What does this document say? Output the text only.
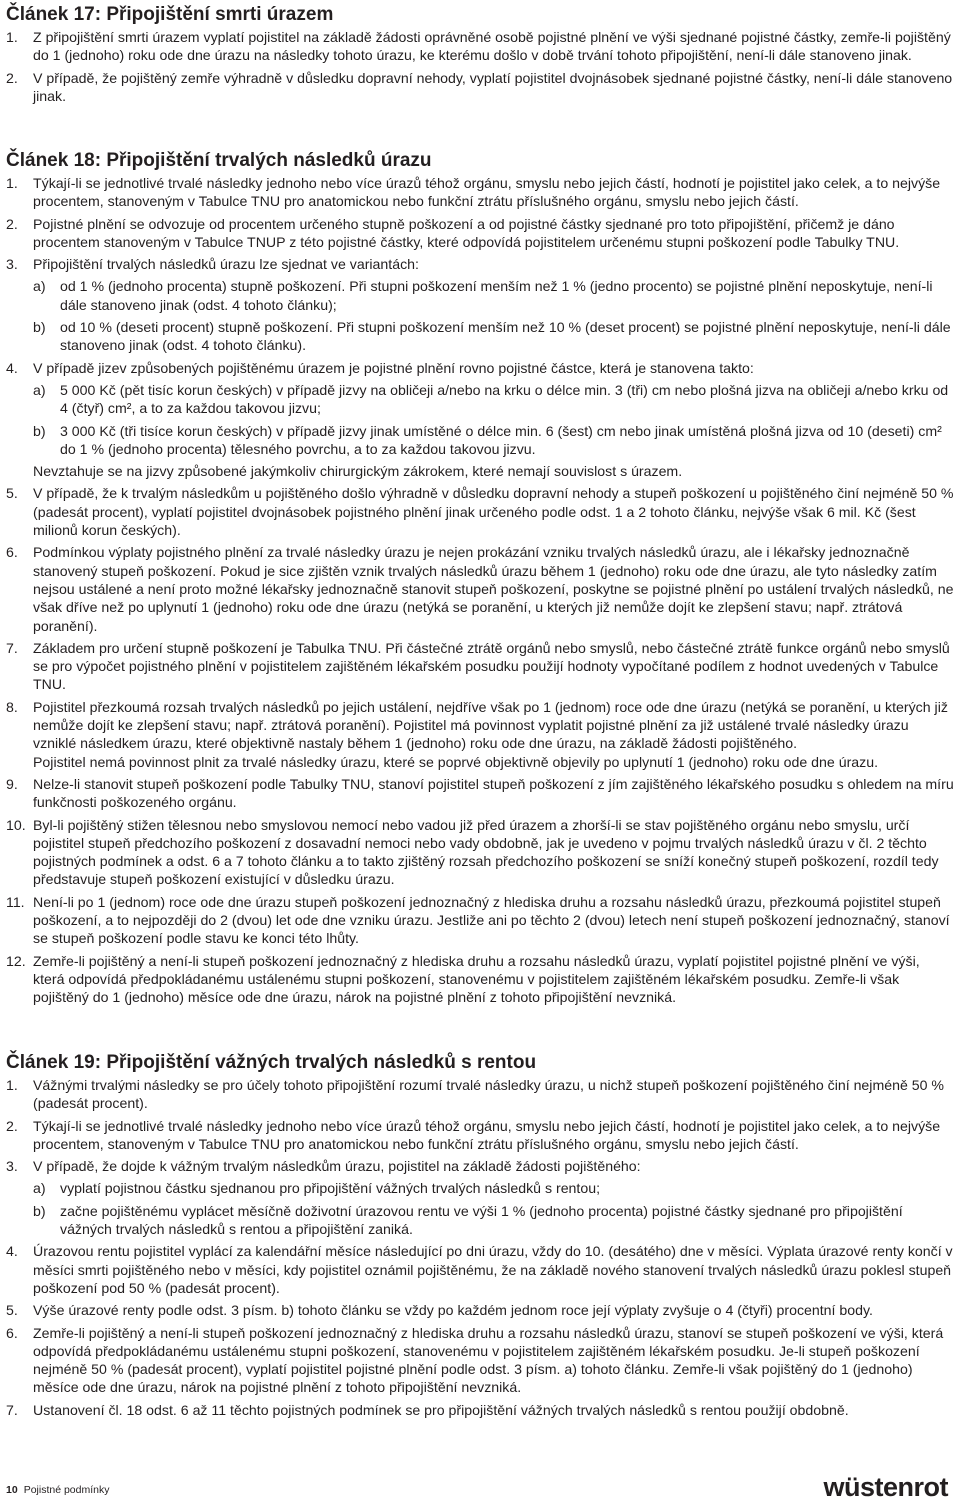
Článek 17: Připojištění smrti úrazem
1. Z připojištění smrti úrazem vyplatí pojistitel na základě žádosti oprávněné osobě pojistné plnění ve výši sjednané pojistné částky, zemře-li pojištěný do 1 (jednoho) roku ode dne úrazu na následky tohoto úrazu, ke kterému došlo v době trvání tohoto připojištění, není-li dále stanoveno jinak.
2. V případě, že pojištěný zemře výhradně v důsledku dopravní nehody, vyplatí pojistitel dvojnásobek sjednané pojistné částky, není-li dále stanoveno jinak.
Článek 18: Připojištění trvalých následků úrazu
1. Týkají-li se jednotlivé trvalé následky jednoho nebo více úrazů téhož orgánu, smyslu nebo jejich částí, hodnotí je pojistitel jako celek, a to nejvýše procentem, stanoveným v Tabulce TNU pro anatomickou nebo funkční ztrátu příslušného orgánu, smyslu nebo jejich částí.
2. Pojistné plnění se odvozuje od procentem určeného stupně poškození a od pojistné částky sjednané pro toto připojištění, přičemž je dáno procentem stanoveným v Tabulce TNUP z této pojistné částky, které odpovídá pojistitelem určenému stupni poškození podle Tabulky TNU.
3. Připojištění trvalých následků úrazu lze sjednat ve variantách:
a) od 1 % (jednoho procenta) stupně poškození. Při stupni poškození menším než 1 % (jedno procento) se pojistné plnění neposkytuje, není-li dále stanoveno jinak (odst. 4 tohoto článku);
b) od 10 % (deseti procent) stupně poškození. Při stupni poškození menším než 10 % (deset procent) se pojistné plnění neposkytuje, není-li dále stanoveno jinak (odst. 4 tohoto článku).
4. V případě jizev způsobených pojištěnému úrazem je pojistné plnění rovno pojistné částce, která je stanovena takto:
a) 5 000 Kč (pět tisíc korun českých) v případě jizvy na obličeji a/nebo na krku o délce min. 3 (tři) cm nebo plošná jizva na obličeji a/nebo krku od 4 (čtyř) cm², a to za každou takovou jizvu;
b) 3 000 Kč (tři tisíce korun českých) v případě jizvy jinak umístěné o délce min. 6 (šest) cm nebo jinak umístěná plošná jizva od 10 (deseti) cm² do 1 % (jednoho procenta) tělesného povrchu, a to za každou takovou jizvu.
Nevztahuje se na jizvy způsobené jakýmkoliv chirurgickým zákrokem, které nemají souvislost s úrazem.
5. V případě, že k trvalým následkům u pojištěného došlo výhradně v důsledku dopravní nehody a stupeň poškození u pojištěného činí nejméně 50 % (padesát procent), vyplatí pojistitel dvojnásobek pojistného plnění jinak určeného podle odst. 1 a 2 tohoto článku, nejvýše však 6 mil. Kč (šest milionů korun českých).
6. Podmínkou výplaty pojistného plnění za trvalé následky úrazu je nejen prokázání vzniku trvalých následků úrazu, ale i lékařsky jednoznačně stanovený stupeň poškození. Pokud je sice zjištěn vznik trvalých následků úrazu během 1 (jednoho) roku ode dne úrazu, ale tyto následky zatím nejsou ustálené a není proto možné lékařsky jednoznačně stanovit stupeň poškození, poskytne se pojistné plnění po ustálení trvalých následků, ne však dříve než po uplynutí 1 (jednoho) roku ode dne úrazu (netýká se poranění, u kterých již nemůže dojít ke zlepšení stavu; např. ztrátová poranění).
7. Základem pro určení stupně poškození je Tabulka TNU. Při částečné ztrátě orgánů nebo smyslů, nebo částečné ztrátě funkce orgánů nebo smyslů se pro výpočet pojistného plnění v pojistitelem zajištěném lékařském posudku použijí hodnoty vypočítané podílem z hodnot uvedených v Tabulce TNU.
8. Pojistitel přezkoumá rozsah trvalých následků po jejich ustálení, nejdříve však po 1 (jednom) roce ode dne úrazu (netýká se poranění, u kterých již nemůže dojít ke zlepšení stavu; např. ztrátová poranění). Pojistitel má povinnost vyplatit pojistné plnění za již ustálené trvalé následky úrazu vzniklé následkem úrazu, které objektivně nastaly během 1 (jednoho) roku ode dne úrazu, na základě žádosti pojištěného.
Pojistitel nemá povinnost plnit za trvalé následky úrazu, které se poprvé objektivně objevily po uplynutí 1 (jednoho) roku ode dne úrazu.
9. Nelze-li stanovit stupeň poškození podle Tabulky TNU, stanoví pojistitel stupeň poškození z jím zajištěného lékařského posudku s ohledem na míru funkčnosti poškozeného orgánu.
10. Byl-li pojištěný stižen tělesnou nebo smyslovou nemocí nebo vadou již před úrazem a zhorší-li se stav pojištěného orgánu nebo smyslu, určí pojistitel stupeň předchozího poškození z dosavadní nemoci nebo vady obdobně, jak je uvedeno v pojmu trvalých následků úrazu v čl. 2 těchto pojistných podmínek a odst. 6 a 7 tohoto článku a to takto zjištěný rozsah předchozího poškození se sníží konečný stupeň poškození, rozdíl tedy představuje stupeň poškození existující v důsledku úrazu.
11. Není-li po 1 (jednom) roce ode dne úrazu stupeň poškození jednoznačný z hlediska druhu a rozsahu následků úrazu, přezkoumá pojistitel stupeň poškození, a to nejpozději do 2 (dvou) let ode dne vzniku úrazu. Jestliže ani po těchto 2 (dvou) letech není stupeň poškození jednoznačný, stanoví se stupeň poškození podle stavu ke konci této lhůty.
12. Zemře-li pojištěný a není-li stupeň poškození jednoznačný z hlediska druhu a rozsahu následků úrazu, vyplatí pojistitel pojistné plnění ve výši, která odpovídá předpokládanému ustálenému stupni poškození, stanovenému v pojistitelem zajištěném lékařském posudku. Zemře-li však pojištěný do 1 (jednoho) měsíce ode dne úrazu, nárok na pojistné plnění z tohoto připojištění nevzniká.
Článek 19: Připojištění vážných trvalých následků s rentou
1. Vážnými trvalými následky se pro účely tohoto připojištění rozumí trvalé následky úrazu, u nichž stupeň poškození pojištěného činí nejméně 50 % (padesát procent).
2. Týkají-li se jednotlivé trvalé následky jednoho nebo více úrazů téhož orgánu, smyslu nebo jejich částí, hodnotí je pojistitel jako celek, a to nejvýše procentem, stanoveným v Tabulce TNU pro anatomickou nebo funkční ztrátu příslušného orgánu, smyslu nebo jejich částí.
3. V případě, že dojde k vážným trvalým následkům úrazu, pojistitel na základě žádosti pojištěného:
a) vyplatí pojistnou částku sjednanou pro připojištění vážných trvalých následků s rentou;
b) začne pojištěnému vyplácet měsíčně doživotní úrazovou rentu ve výši 1 % (jednoho procenta) pojistné částky sjednané pro připojištění vážných trvalých následků s rentou a připojištění zaniká.
4. Úrazovou rentu pojistitel vyplácí za kalendářní měsíce následující po dni úrazu, vždy do 10. (desátého) dne v měsíci. Výplata úrazové renty končí v měsíci smrti pojištěného nebo v měsíci, kdy pojistitel oznámil pojištěnému, že na základě nového stanovení trvalých následků úrazu poklesl stupeň poškození pod 50 % (padesát procent).
5. Výše úrazové renty podle odst. 3 písm. b) tohoto článku se vždy po každém jednom roce její výplaty zvyšuje o 4 (čtyři) procentní body.
6. Zemře-li pojištěný a není-li stupeň poškození jednoznačný z hlediska druhu a rozsahu následků úrazu, stanoví se stupeň poškození ve výši, která odpovídá předpokládanému ustálenému stupni poškození, stanovenému v pojistitelem zajištěném lékařském posudku. Je-li stupeň poškození nejméně 50 % (padesát procent), vyplatí pojistitel pojistné plnění podle odst. 3 písm. a) tohoto článku. Zemře-li však pojištěný do 1 (jednoho) měsíce ode dne úrazu, nárok na pojistné plnění z tohoto připojištění nevzniká.
7. Ustanovení čl. 18 odst. 6 až 11 těchto pojistných podmínek se pro připojištění vážných trvalých následků s rentou použijí obdobně.
10 Pojistné podmínky	wüstenrot
